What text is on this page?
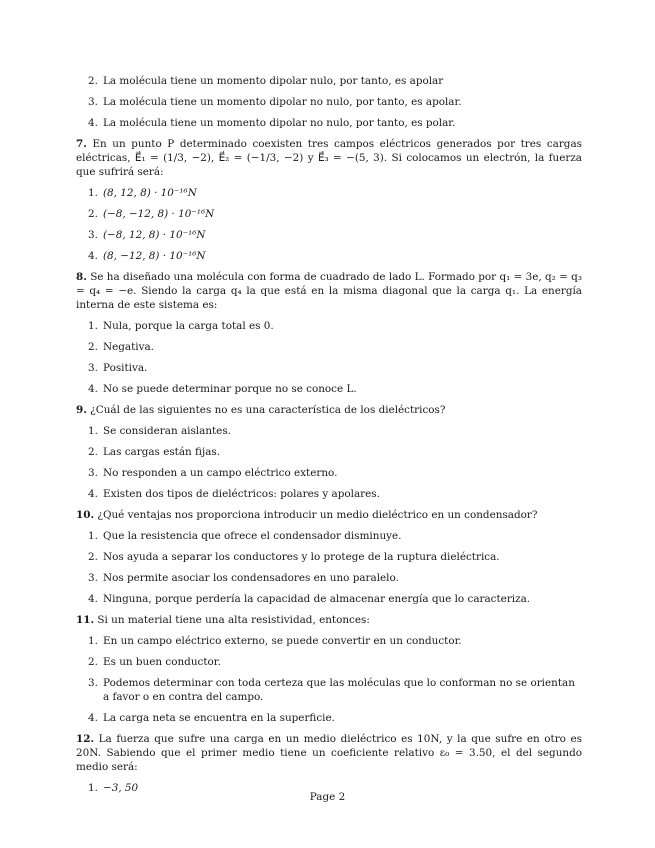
2. La molécula tiene un momento dipolar nulo, por tanto, es apolar
3. La molécula tiene un momento dipolar no nulo, por tanto, es apolar.
4. La molécula tiene un momento dipolar no nulo, por tanto, es polar.

7. En un punto P determinado coexisten tres campos eléctricos generados por tres cargas eléctricas, E⃗₁ = (1/3, −2), E⃗₂ = (−1/3, −2) y E⃗₃ = −(5, 3). Si colocamos un electrón, la fuerza que sufrirá será:

1. (8, 12, 8) · 10⁻¹⁶N
2. (−8, −12, 8) · 10⁻¹⁶N
3. (−8, 12, 8) · 10⁻¹⁶N
4. (8, −12, 8) · 10⁻¹⁶N

8. Se ha diseñado una molécula con forma de cuadrado de lado L. Formado por q₁ = 3e, q₂ = q₃ = q₄ = −e. Siendo la carga q₄ la que está en la misma diagonal que la carga q₁. La energía interna de este sistema es:

1. Nula, porque la carga total es 0.
2. Negativa.
3. Positiva.
4. No se puede determinar porque no se conoce L.

9. ¿Cuál de las siguientes no es una característica de los dieléctricos?

1. Se consideran aislantes.
2. Las cargas están fijas.
3. No responden a un campo eléctrico externo.
4. Existen dos tipos de dieléctricos: polares y apolares.

10. ¿Qué ventajas nos proporciona introducir un medio dieléctrico en un condensador?

1. Que la resistencia que ofrece el condensador disminuye.
2. Nos ayuda a separar los conductores y lo protege de la ruptura dieléctrica.
3. Nos permite asociar los condensadores en uno paralelo.
4. Ninguna, porque perdería la capacidad de almacenar energía que lo caracteriza.

11. Si un material tiene una alta resistividad, entonces:

1. En un campo eléctrico externo, se puede convertir en un conductor.
2. Es un buen conductor.
3. Podemos determinar con toda certeza que las moléculas que lo conforman no se orientan a favor o en contra del campo.
4. La carga neta se encuentra en la superficie.

12. La fuerza que sufre una carga en un medio dieléctrico es 10N, y la que sufre en otro es 20N. Sabiendo que el primer medio tiene un coeficiente relativo ε₀ = 3.50, el del segundo medio será:

1. −3, 50
Page 2
